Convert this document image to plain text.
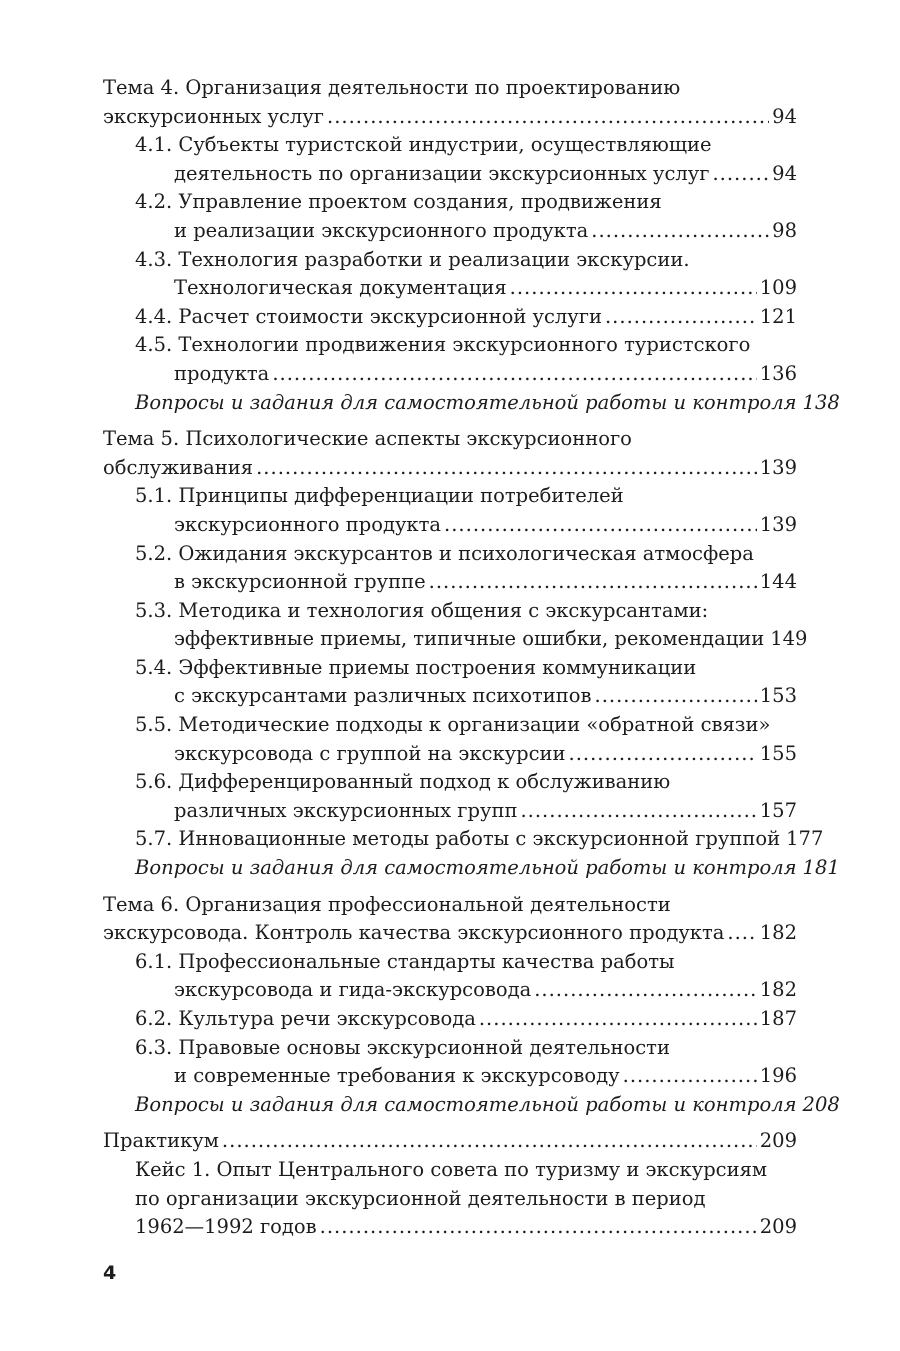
Тема 4. Организация деятельности по проектированию
экскурсионных услуг .....	94
4.1. Субъекты туристской индустрии, осуществляющие
деятельность по организации экскурсионных услуг .....	94
4.2. Управление проектом создания, продвижения
и реализации экскурсионного продукта .....	98
4.3. Технология разработки и реализации экскурсии.
Технологическая документация .....	109
4.4. Расчет стоимости экскурсионной услуги .....	121
4.5. Технологии продвижения экскурсионного туристского
продукта .....	136
Вопросы и задания для самостоятельной работы и контроля 138
Тема 5. Психологические аспекты экскурсионного
обслуживания .....	139
5.1. Принципы дифференциации потребителей
экскурсионного продукта .....	139
5.2. Ожидания экскурсантов и психологическая атмосфера
в экскурсионной группе .....	144
5.3. Методика и технология общения с экскурсантами:
эффективные приемы, типичные ошибки, рекомендации 149
5.4. Эффективные приемы построения коммуникации
с экскурсантами различных психотипов .....	153
5.5. Методические подходы к организации «обратной связи»
экскурсовода с группой на экскурсии .....	155
5.6. Дифференцированный подход к обслуживанию
различных экскурсионных групп .....	157
5.7. Инновационные методы работы с экскурсионной группой 177
Вопросы и задания для самостоятельной работы и контроля 181
Тема 6. Организация профессиональной деятельности
экскурсовода. Контроль качества экскурсионного продукта ..... 182
6.1. Профессиональные стандарты качества работы
экскурсовода и гида-экскурсовода .....	182
6.2. Культура речи экскурсовода .....	187
6.3. Правовые основы экскурсионной деятельности
и современные требования к экскурсоводу .....	196
Вопросы и задания для самостоятельной работы и контроля 208
Практикум .....	209
Кейс 1. Опыт Центрального совета по туризму и экскурсиям
по организации экскурсионной деятельности в период
1962—1992 годов .....	209
4
